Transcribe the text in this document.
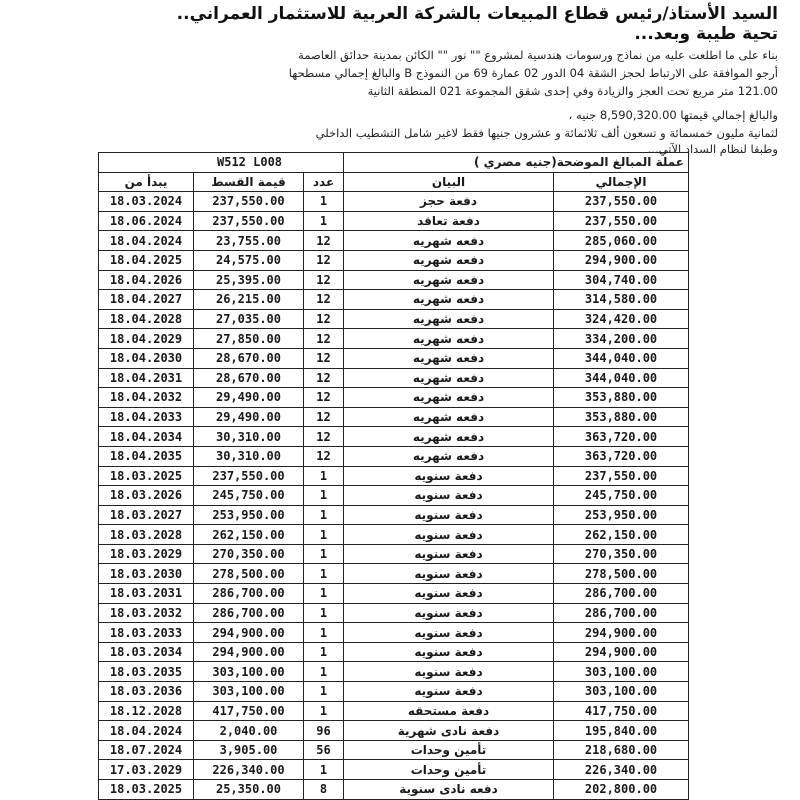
السيد الأستاذ/رئيس قطاع المبيعات بالشركة العربية للاستثمار العمراني..
تحية طيبة وبعد...
بناء على ما اطلعت عليه من نماذج ورسومات هندسية لمشروع "" نور "" الكائن بمدينة حدائق العاصمة
أرجو الموافقة على الارتباط لحجز الشقة 04 الدور 02 عمارة 69 من النموذج B والبالغ إجمالي مسطحها
121.00 متر مربع تحت العجز والزيادة وفي إحدى شقق المجموعة 021 المنطقة الثانية
والبالغ إجمالي قيمتها 8,590,320.00 جنيه ،
لثمانية مليون خمسمائة و تسعون ألف ثلاثمائة و عشرون جنيها فقط لاغير شامل التشطيب الداخلي
وطبقا لنظام السداد الآتي...
W512 L008			عملة المبالغ الموضحة(جنيه مصري )	
يبدأ من	قيمة القسط	عدد	البيان	الإجمالي
18.03.2024	237,550.00	1	دفعة حجز	237,550.00
18.06.2024	237,550.00	1	دفعة تعاقد	237,550.00
18.04.2024	23,755.00	12	دفعه شهريه	285,060.00
18.04.2025	24,575.00	12	دفعه شهريه	294,900.00
18.04.2026	25,395.00	12	دفعه شهريه	304,740.00
18.04.2027	26,215.00	12	دفعه شهريه	314,580.00
18.04.2028	27,035.00	12	دفعه شهريه	324,420.00
18.04.2029	27,850.00	12	دفعه شهريه	334,200.00
18.04.2030	28,670.00	12	دفعه شهريه	344,040.00
18.04.2031	28,670.00	12	دفعه شهريه	344,040.00
18.04.2032	29,490.00	12	دفعه شهريه	353,880.00
18.04.2033	29,490.00	12	دفعه شهريه	353,880.00
18.04.2034	30,310.00	12	دفعه شهريه	363,720.00
18.04.2035	30,310.00	12	دفعه شهريه	363,720.00
18.03.2025	237,550.00	1	دفعة سنويه	237,550.00
18.03.2026	245,750.00	1	دفعة سنويه	245,750.00
18.03.2027	253,950.00	1	دفعة سنويه	253,950.00
18.03.2028	262,150.00	1	دفعة سنويه	262,150.00
18.03.2029	270,350.00	1	دفعة سنويه	270,350.00
18.03.2030	278,500.00	1	دفعة سنويه	278,500.00
18.03.2031	286,700.00	1	دفعة سنويه	286,700.00
18.03.2032	286,700.00	1	دفعة سنويه	286,700.00
18.03.2033	294,900.00	1	دفعة سنويه	294,900.00
18.03.2034	294,900.00	1	دفعة سنويه	294,900.00
18.03.2035	303,100.00	1	دفعة سنويه	303,100.00
18.03.2036	303,100.00	1	دفعة سنويه	303,100.00
18.12.2028	417,750.00	1	دفعة مستحقه	417,750.00
18.04.2024	2,040.00	96	دفعة نادى شهرية	195,840.00
18.07.2024	3,905.00	56	تأمين وحدات	218,680.00
17.03.2029	226,340.00	1	تأمين وحدات	226,340.00
18.03.2025	25,350.00	8	دفعه نادى سنوية	202,800.00
